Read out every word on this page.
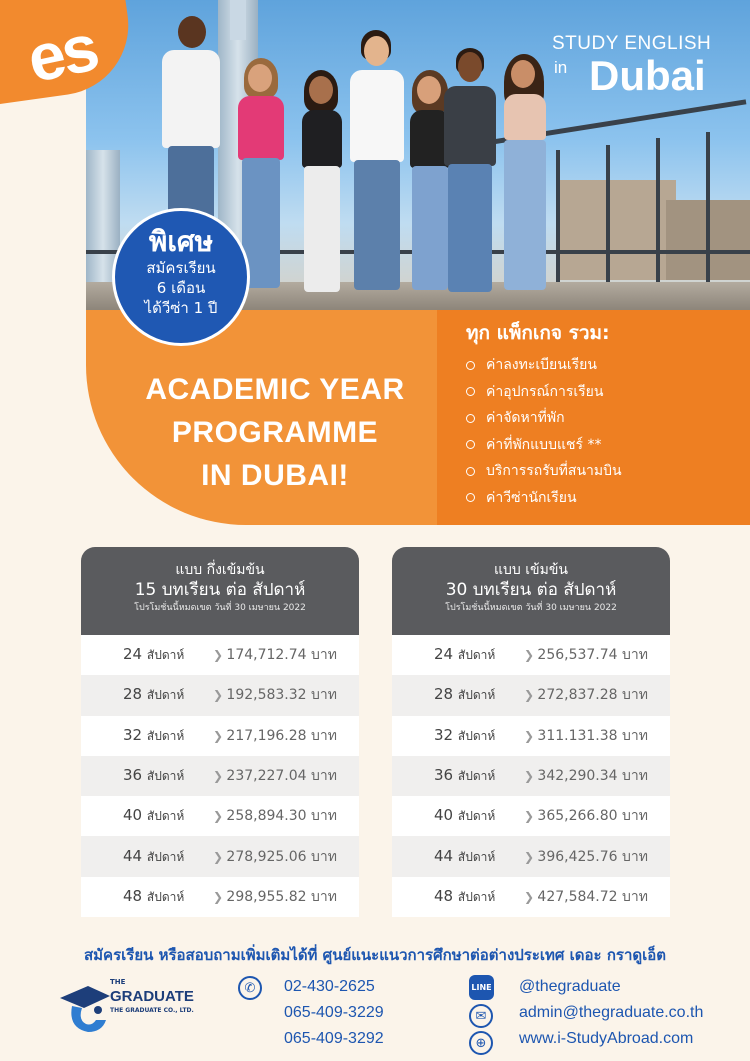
es	STUDY ENGLISH
in Dubai
พิเศษ
สมัครเรียน
6 เดือน
ได้วีซ่า 1 ปี
ACADEMIC YEAR
PROGRAMME
IN DUBAI!
ทุก แพ็กเกจ รวม:
ค่าลงทะเบียนเรียน
ค่าอุปกรณ์การเรียน
ค่าจัดหาที่พัก
ค่าที่พักแบบแชร์ **
บริการรถรับที่สนามบิน
ค่าวีซ่านักเรียน
แบบ กึ่งเข้มข้น
15 บทเรียน ต่อ สัปดาห์
โปรโมชั่นนี้หมดเขต วันที่ 30 เมษายน 2022
24 สัปดาห์ ❯ 174,712.74 บาท
28 สัปดาห์ ❯ 192,583.32 บาท
32 สัปดาห์ ❯ 217,196.28 บาท
36 สัปดาห์ ❯ 237,227.04 บาท
40 สัปดาห์ ❯ 258,894.30 บาท
44 สัปดาห์ ❯ 278,925.06 บาท
48 สัปดาห์ ❯ 298,955.82 บาท
แบบ เข้มข้น
30 บทเรียน ต่อ สัปดาห์
โปรโมชั่นนี้หมดเขต วันที่ 30 เมษายน 2022
24 สัปดาห์ ❯ 256,537.74 บาท
28 สัปดาห์ ❯ 272,837.28 บาท
32 สัปดาห์ ❯ 311.131.38 บาท
36 สัปดาห์ ❯ 342,290.34 บาท
40 สัปดาห์ ❯ 365,266.80 บาท
44 สัปดาห์ ❯ 396,425.76 บาท
48 สัปดาห์ ❯ 427,584.72 บาท
สมัครเรียน หรือสอบถามเพิ่มเติมได้ที่ ศูนย์แนะแนวการศึกษาต่อต่างประเทศ เดอะ กราดูเอ็ต
THE
GRADUATE
THE GRADUATE CO., LTD.
✆	02-430-2625
065-409-3229
065-409-3292
LINE @thegraduate
✉	admin@thegraduate.co.th
⊕	www.i-StudyAbroad.com
